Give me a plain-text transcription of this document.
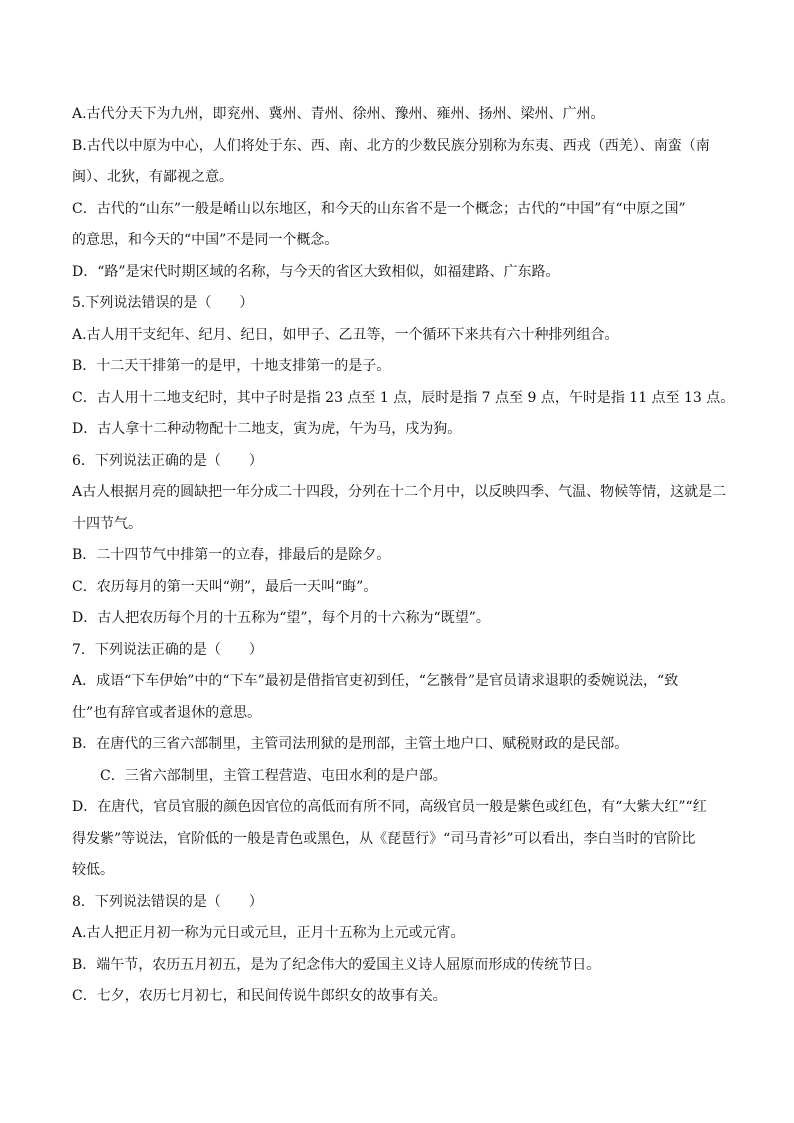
A.古代分天下为九州，即兖州、冀州、青州、徐州、豫州、雍州、扬州、梁州、广州。

B.古代以中原为中心，人们将处于东、西、南、北方的少数民族分别称为东夷、西戎（西羌）、南蛮（南

闽）、北狄，有鄙视之意。

C．古代的“山东”一般是崤山以东地区，和今天的山东省不是一个概念；古代的“中国”有“中原之国”

的意思，和今天的“中国”不是同一个概念。

D．“路”是宋代时期区域的名称，与今天的省区大致相似，如福建路、广东路。

5.下列说法错误的是（　　）

A.古人用干支纪年、纪月、纪日，如甲子、乙丑等，一个循环下来共有六十种排列组合。

B．十二天干排第一的是甲，十地支排第一的是子。

C．古人用十二地支纪时，其中子时是指 23 点至 1 点，辰时是指 7 点至 9 点，午时是指 11 点至 13 点。

D．古人拿十二种动物配十二地支，寅为虎，午为马，戌为狗。

6．下列说法正确的是（　　）

A古人根据月亮的圆缺把一年分成二十四段，分列在十二个月中，以反映四季、气温、物候等情，这就是二

十四节气。

B．二十四节气中排第一的立春，排最后的是除夕。

C．农历每月的第一天叫“朔”，最后一天叫“晦”。

D．古人把农历每个月的十五称为“望”，每个月的十六称为“既望”。

7．下列说法正确的是（　　）

A．成语“下车伊始”中的“下车”最初是借指官吏初到任，“乞骸骨”是官员请求退职的委婉说法，“致

仕”也有辞官或者退休的意思。

B．在唐代的三省六部制里，主管司法刑狱的是刑部，主管土地户口、赋税财政的是民部。

C．三省六部制里，主管工程营造、屯田水利的是户部。

D．在唐代，官员官服的颜色因官位的高低而有所不同，高级官员一般是紫色或红色，有“大紫大红”“红

得发紫”等说法，官阶低的一般是青色或黑色，从《琵琶行》“司马青衫”可以看出，李白当时的官阶比

较低。

8．下列说法错误的是（　　）

A.古人把正月初一称为元日或元旦，正月十五称为上元或元宵。

B．端午节，农历五月初五，是为了纪念伟大的爱国主义诗人屈原而形成的传统节日。

C．七夕，农历七月初七，和民间传说牛郎织女的故事有关。
